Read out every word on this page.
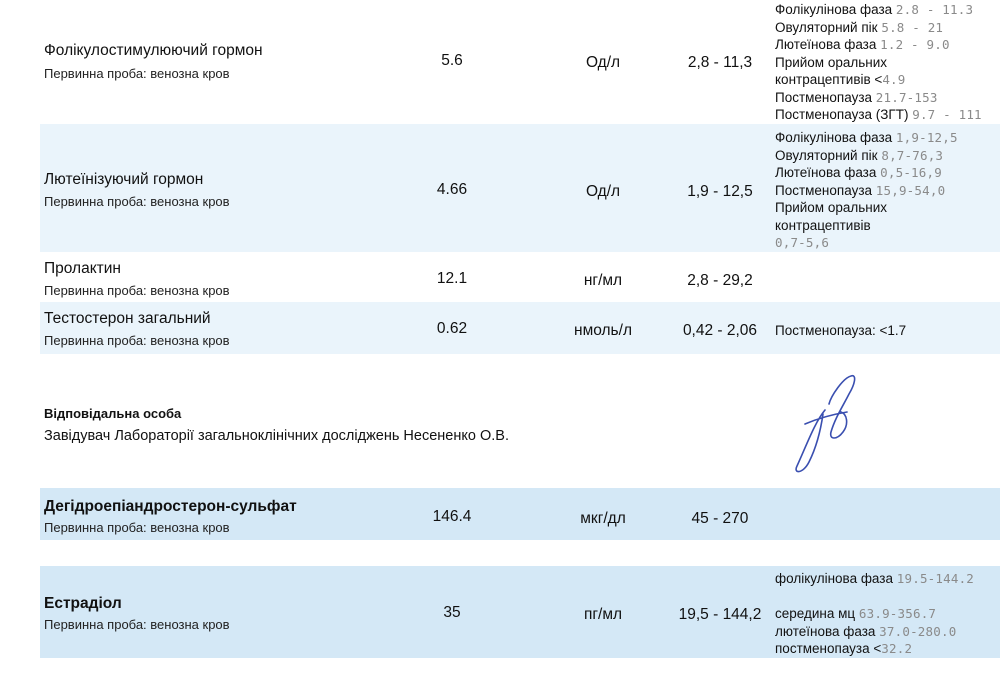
Фолікулостимулюючий гормон
Первинна проба: венозна кров
5.6	Од/л	2,8 - 11,3
Фолікулінова фаза 2.8 - 11.3
Овуляторний пік 5.8 - 21
Лютеїнова фаза 1.2 - 9.0
Прийом оральних
контрацептивів <4.9
Постменопауза 21.7-153
Постменопауза (ЗГТ) 9.7 - 111
Лютеїнізуючий гормон
Первинна проба: венозна кров
4.66	Од/л	1,9 - 12,5
Фолікулінова фаза 1,9-12,5
Овуляторний пік 8,7-76,3
Лютеїнова фаза 0,5-16,9
Постменопауза 15,9-54,0
Прийом оральних
контрацептивів
0,7-5,6
Пролактин
Первинна проба: венозна кров
12.1	нг/мл	2,8 - 29,2
Тестостерон загальний
Первинна проба: венозна кров
0.62	нмоль/л	0,42 - 2,06	Постменопауза: <1.7
Відповідальна особа
Завідувач Лабораторії загальноклінічних досліджень Несененко О.В.
Дегідроепіандростерон-сульфат
Первинна проба: венозна кров
146.4	мкг/дл	45 - 270
Естрадіол
Первинна проба: венозна кров
35	пг/мл	19,5 - 144,2
фолікулінова фаза 19.5-144.2

середина мц 63.9-356.7
лютеїнова фаза 37.0-280.0
постменопауза <32.2
